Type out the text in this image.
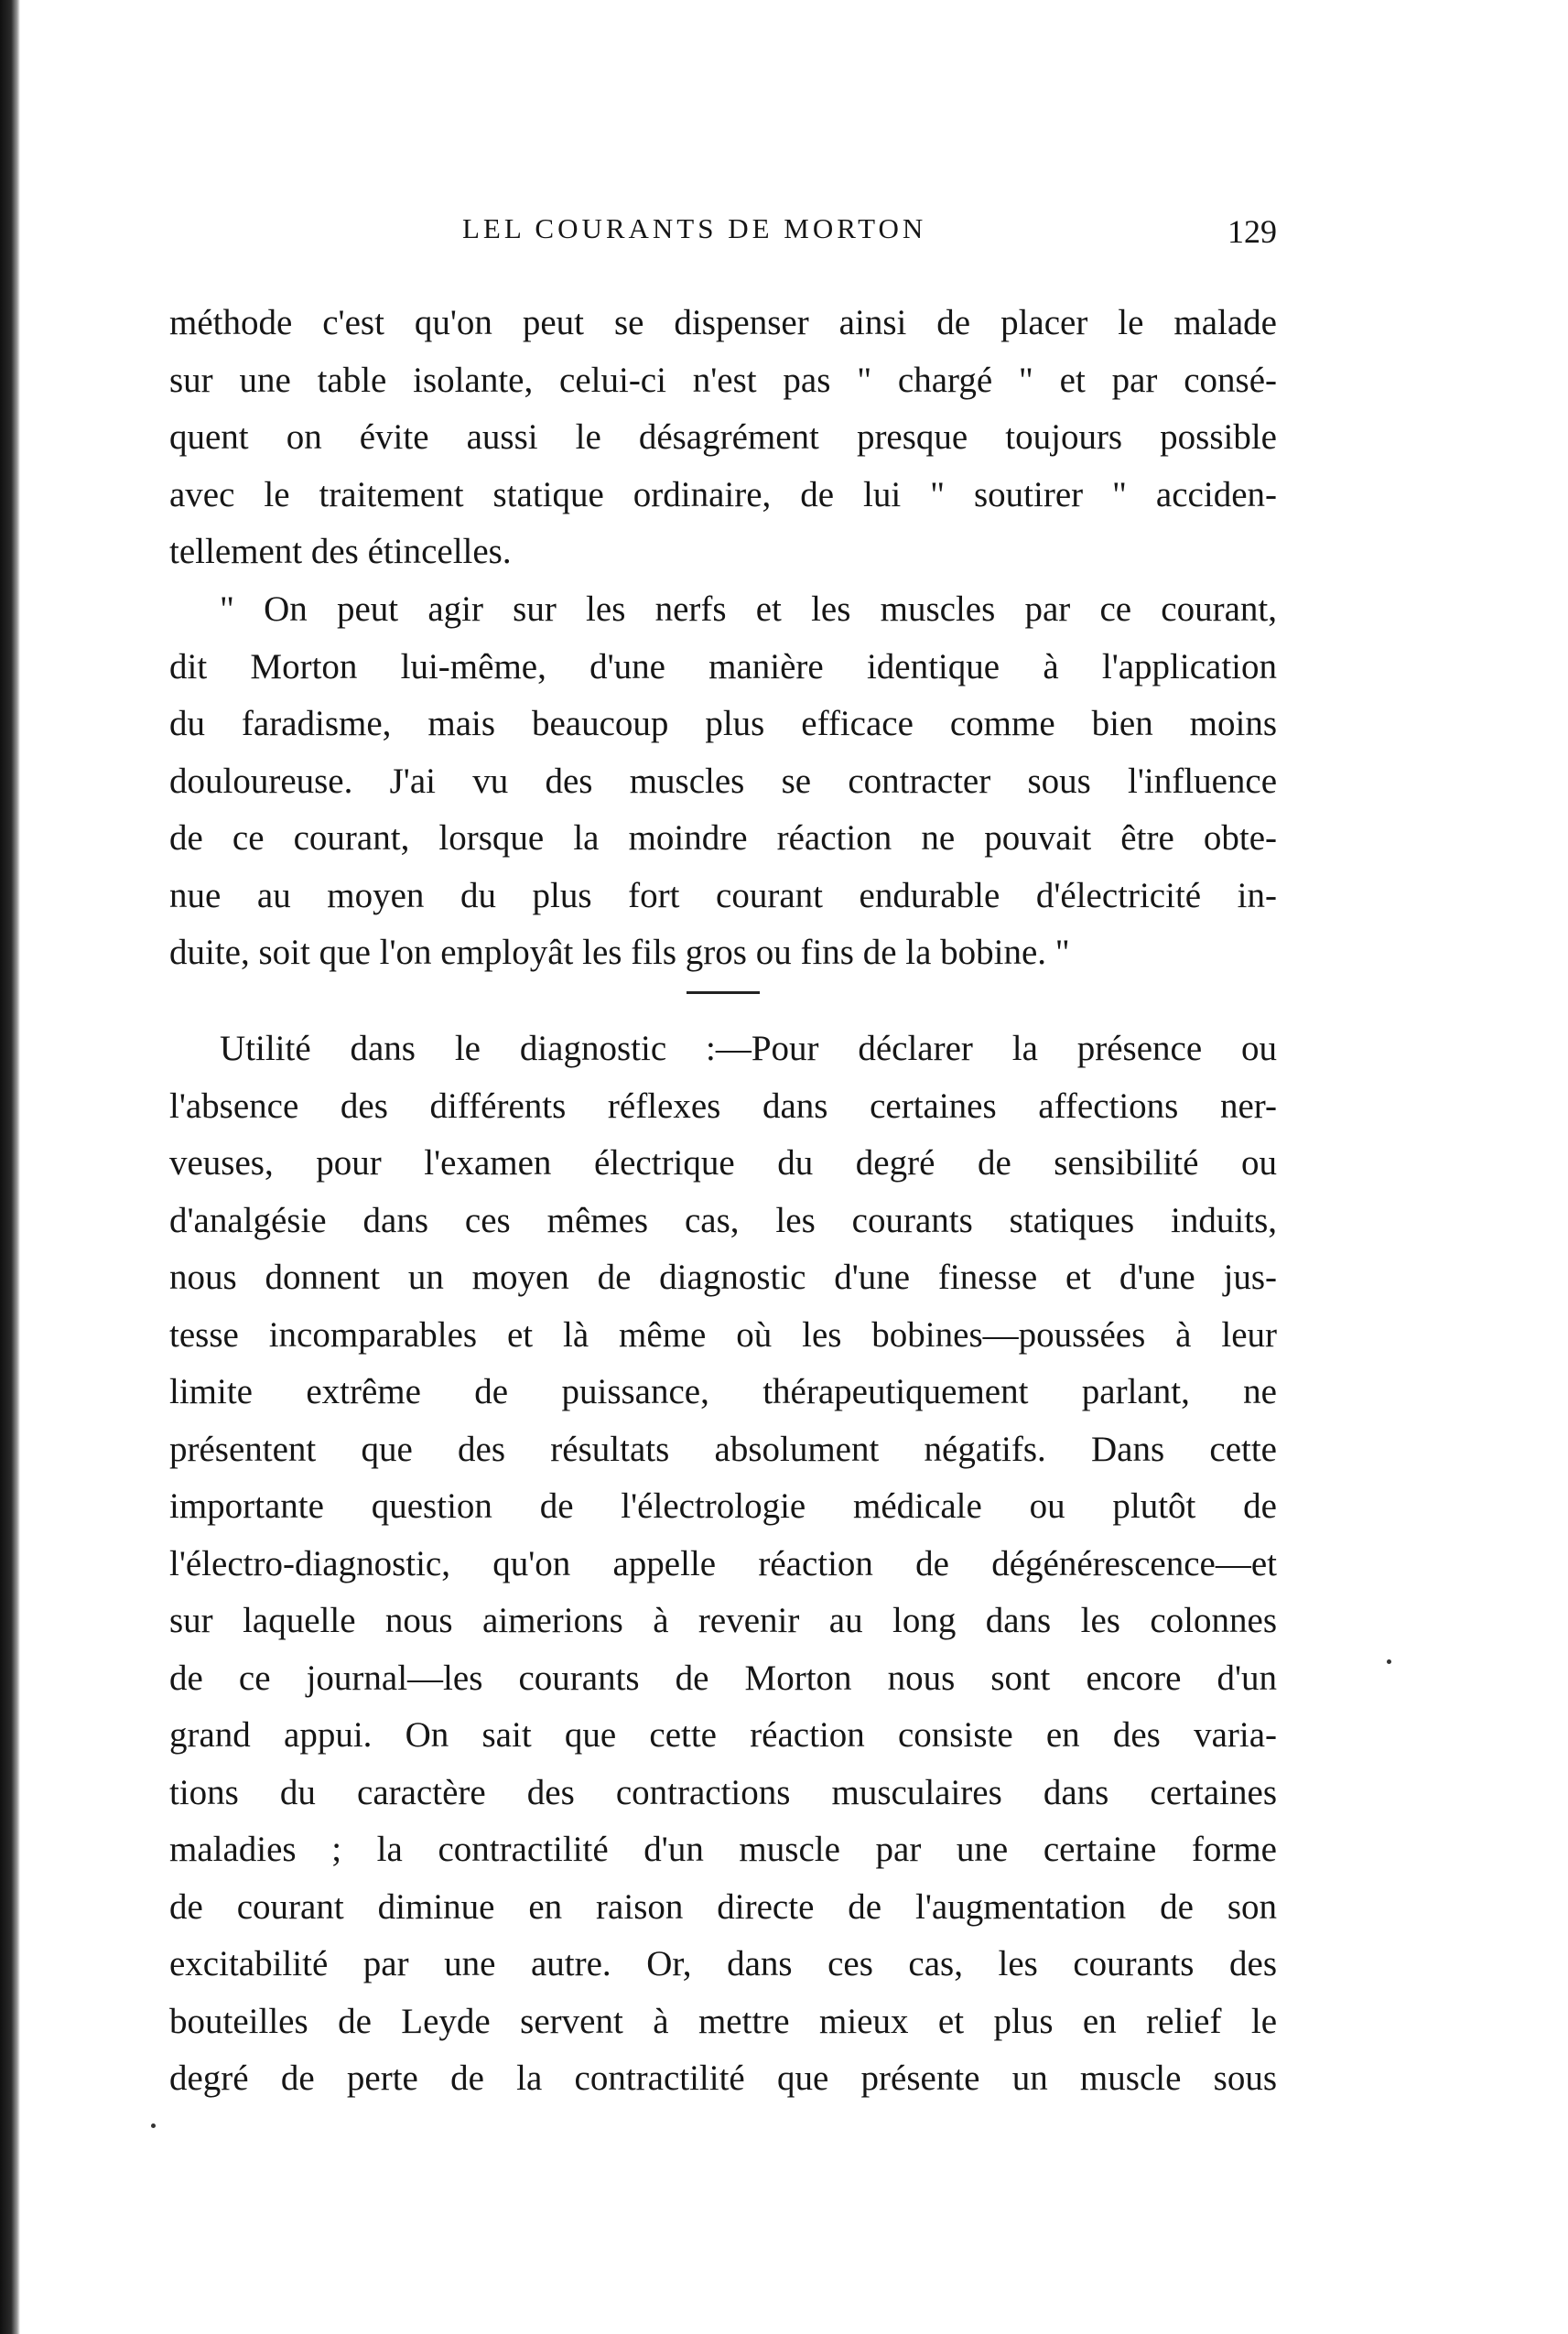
LEL COURANTS DE MORTON	129
méthode c'est qu'on peut se dispenser ainsi de placer le malade
sur une table isolante, celui-ci n'est pas " chargé " et par consé-
quent on évite aussi le désagrément presque toujours possible
avec le traitement statique ordinaire, de lui " soutirer " acciden-
tellement des étincelles.
" On peut agir sur les nerfs et les muscles par ce courant,
dit Morton lui-même, d'une manière identique à l'application
du faradisme, mais beaucoup plus efficace comme bien moins
douloureuse. J'ai vu des muscles se contracter sous l'influence
de ce courant, lorsque la moindre réaction ne pouvait être obte-
nue au moyen du plus fort courant endurable d'électricité in-
duite, soit que l'on employât les fils gros ou fins de la bobine. "
Utilité dans le diagnostic :—Pour déclarer la présence ou
l'absence des différents réflexes dans certaines affections ner-
veuses, pour l'examen électrique du degré de sensibilité ou
d'analgésie dans ces mêmes cas, les courants statiques induits,
nous donnent un moyen de diagnostic d'une finesse et d'une jus-
tesse incomparables et là même où les bobines—poussées à leur
limite extrême de puissance, thérapeutiquement parlant, ne
présentent que des résultats absolument négatifs. Dans cette
importante question de l'électrologie médicale ou plutôt de
l'électro-diagnostic, qu'on appelle réaction de dégénérescence—et
sur laquelle nous aimerions à revenir au long dans les colonnes
de ce journal—les courants de Morton nous sont encore d'un
grand appui. On sait que cette réaction consiste en des varia-
tions du caractère des contractions musculaires dans certaines
maladies ; la contractilité d'un muscle par une certaine forme
de courant diminue en raison directe de l'augmentation de son
excitabilité par une autre. Or, dans ces cas, les courants des
bouteilles de Leyde servent à mettre mieux et plus en relief le
degré de perte de la contractilité que présente un muscle sous
